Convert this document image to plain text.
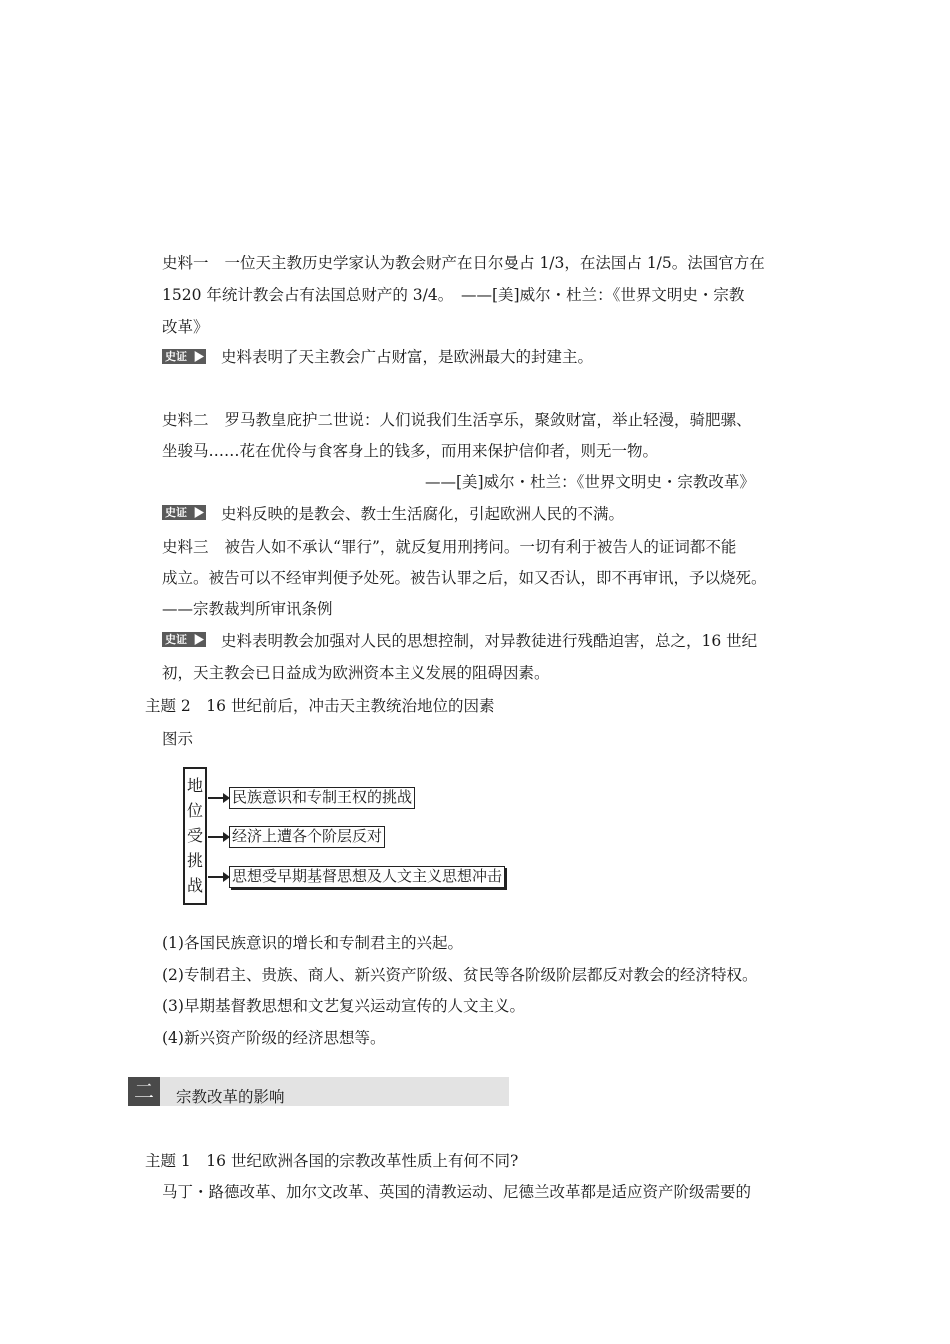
史料一 一位天主教历史学家认为教会财产在日尔曼占 1/3，在法国占 1/5。法国官方在
1520 年统计教会占有法国总财产的 3/4。　——[美]威尔・杜兰：《世界文明史・宗教
改革》
史证	史料表明了天主教会广占财富，是欧洲最大的封建主。
史料二 罗马教皇庇护二世说：人们说我们生活享乐，聚敛财富，举止轻漫，骑肥骡、
坐骏马……花在优伶与食客身上的钱多，而用来保护信仰者，则无一物。
——[美]威尔・杜兰：《世界文明史・宗教改革》
史证	史料反映的是教会、教士生活腐化，引起欧洲人民的不满。
史料三 被告人如不承认“罪行”，就反复用刑拷问。一切有利于被告人的证词都不能
成立。被告可以不经审判便予处死。被告认罪之后，如又否认，即不再审讯，予以烧死。
——宗教裁判所审讯条例
史证	史料表明教会加强对人民的思想控制，对异教徒进行残酷迫害，总之，16 世纪
初，天主教会已日益成为欧洲资本主义发展的阻碍因素。
主题 2　16 世纪前后，冲击天主教统治地位的因素
图示
地
位
受
挑
战
民族意识和专制王权的挑战
经济上遭各个阶层反对
思想受早期基督思想及人文主义思想冲击
(1)各国民族意识的增长和专制君主的兴起。
(2)专制君主、贵族、商人、新兴资产阶级、贫民等各阶级阶层都反对教会的经济特权。
(3)早期基督教思想和文艺复兴运动宣传的人文主义。
(4)新兴资产阶级的经济思想等。
二	宗教改革的影响
主题 1　16 世纪欧洲各国的宗教改革性质上有何不同?
马丁・路德改革、加尔文改革、英国的清教运动、尼德兰改革都是适应资产阶级需要的
